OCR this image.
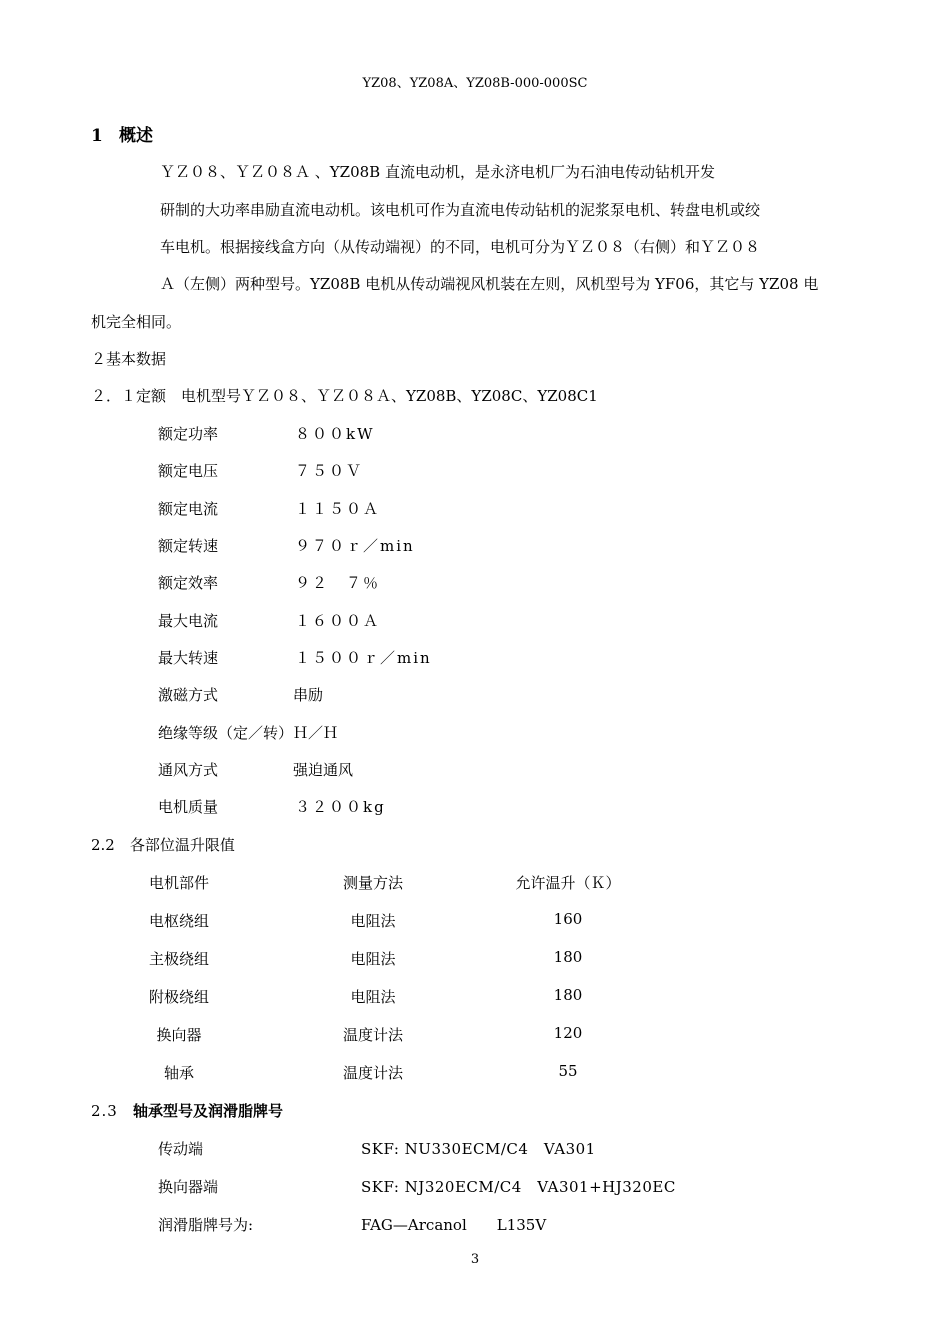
YZ08、YZ08A、YZ08B-000-000SC
1 概述
ＹＺ０８、ＹＺ０８Ａ 、YZ08B 直流电动机，是永济电机厂为石油电传动钻机开发
研制的大功率串励直流电动机。该电机可作为直流电传动钻机的泥浆泵电机、转盘电机或绞
车电机。根据接线盒方向（从传动端视）的不同，电机可分为ＹＺ０８（右侧）和ＹＺ０８
Ａ（左侧）两种型号。YZ08B 电机从传动端视风机装在左则，风机型号为 YF06，其它与 YZ08 电
机完全相同。
２基本数据
２．１定额　电机型号ＹＺ０８、ＹＺ０８Ａ、YZ08B、YZ08C、YZ08C1
额定功率	８００kW
额定电压	７５０Ｖ
额定电流	１１５０Ａ
额定转速	９７０ｒ／min
额定效率	９２　７％
最大电流	１６００Ａ
最大转速	１５００ｒ／min
激磁方式	串励
绝缘等级（定／转）Ｈ／Ｈ
通风方式	强迫通风
电机质量	３２００kg
2.2　各部位温升限值
电机部件	测量方法	允许温升（Ｋ）
电枢绕组	电阻法	160
主极绕组	电阻法	180
附极绕组	电阻法	180
换向器	温度计法	120
轴承	温度计法	55
2.3 轴承型号及润滑脂牌号
传动端	SKF: NU330ECM/C4　VA301
换向器端	SKF: NJ320ECM/C4　VA301+HJ320EC
润滑脂牌号为:	FAG—Arcanol　　L135V
3
